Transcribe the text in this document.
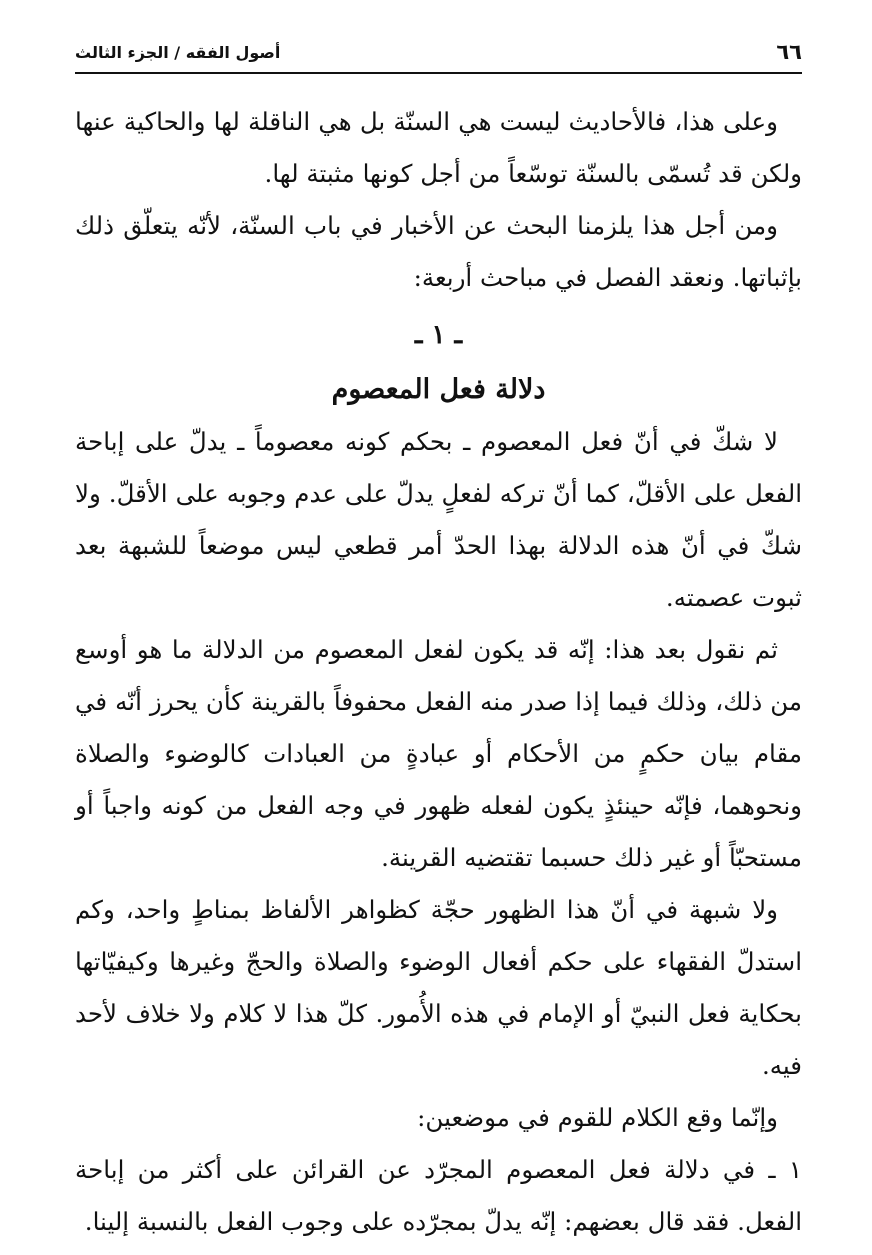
٦٦
أصول الفقه / الجزء الثالث

وعلى هذا، فالأحاديث ليست هي السنّة بل هي الناقلة لها والحاكية عنها ولكن قد تُسمّى بالسنّة توسّعاً من أجل كونها مثبتة لها.

ومن أجل هذا يلزمنا البحث عن الأخبار في باب السنّة، لأنّه يتعلّق ذلك بإثباتها. ونعقد الفصل في مباحث أربعة:

ـ ١ ـ
دلالة فعل المعصوم

لا شكّ في أنّ فعل المعصوم ـ بحكم كونه معصوماً ـ يدلّ على إباحة الفعل على الأقلّ، كما أنّ تركه لفعلٍ يدلّ على عدم وجوبه على الأقلّ. ولا شكّ في أنّ هذه الدلالة بهذا الحدّ أمر قطعي ليس موضعاً للشبهة بعد ثبوت عصمته.

ثم نقول بعد هذا: إنّه قد يكون لفعل المعصوم من الدلالة ما هو أوسع من ذلك، وذلك فيما إذا صدر منه الفعل محفوفاً بالقرينة كأن يحرز أنّه في مقام بيان حكمٍ من الأحكام أو عبادةٍ من العبادات كالوضوء والصلاة ونحوهما، فإنّه حينئذٍ يكون لفعله ظهور في وجه الفعل من كونه واجباً أو مستحبّاً أو غير ذلك حسبما تقتضيه القرينة.

ولا شبهة في أنّ هذا الظهور حجّة كظواهر الألفاظ بمناطٍ واحد، وكم استدلّ الفقهاء على حكم أفعال الوضوء والصلاة والحجّ وغيرها وكيفيّاتها بحكاية فعل النبيّ أو الإمام في هذه الأُمور. كلّ هذا لا كلام ولا خلاف لأحد فيه.

وإنّما وقع الكلام للقوم في موضعين:

١ ـ في دلالة فعل المعصوم المجرّد عن القرائن على أكثر من إباحة الفعل. فقد قال بعضهم: إنّه يدلّ بمجرّده على وجوب الفعل بالنسبة إلينا.
